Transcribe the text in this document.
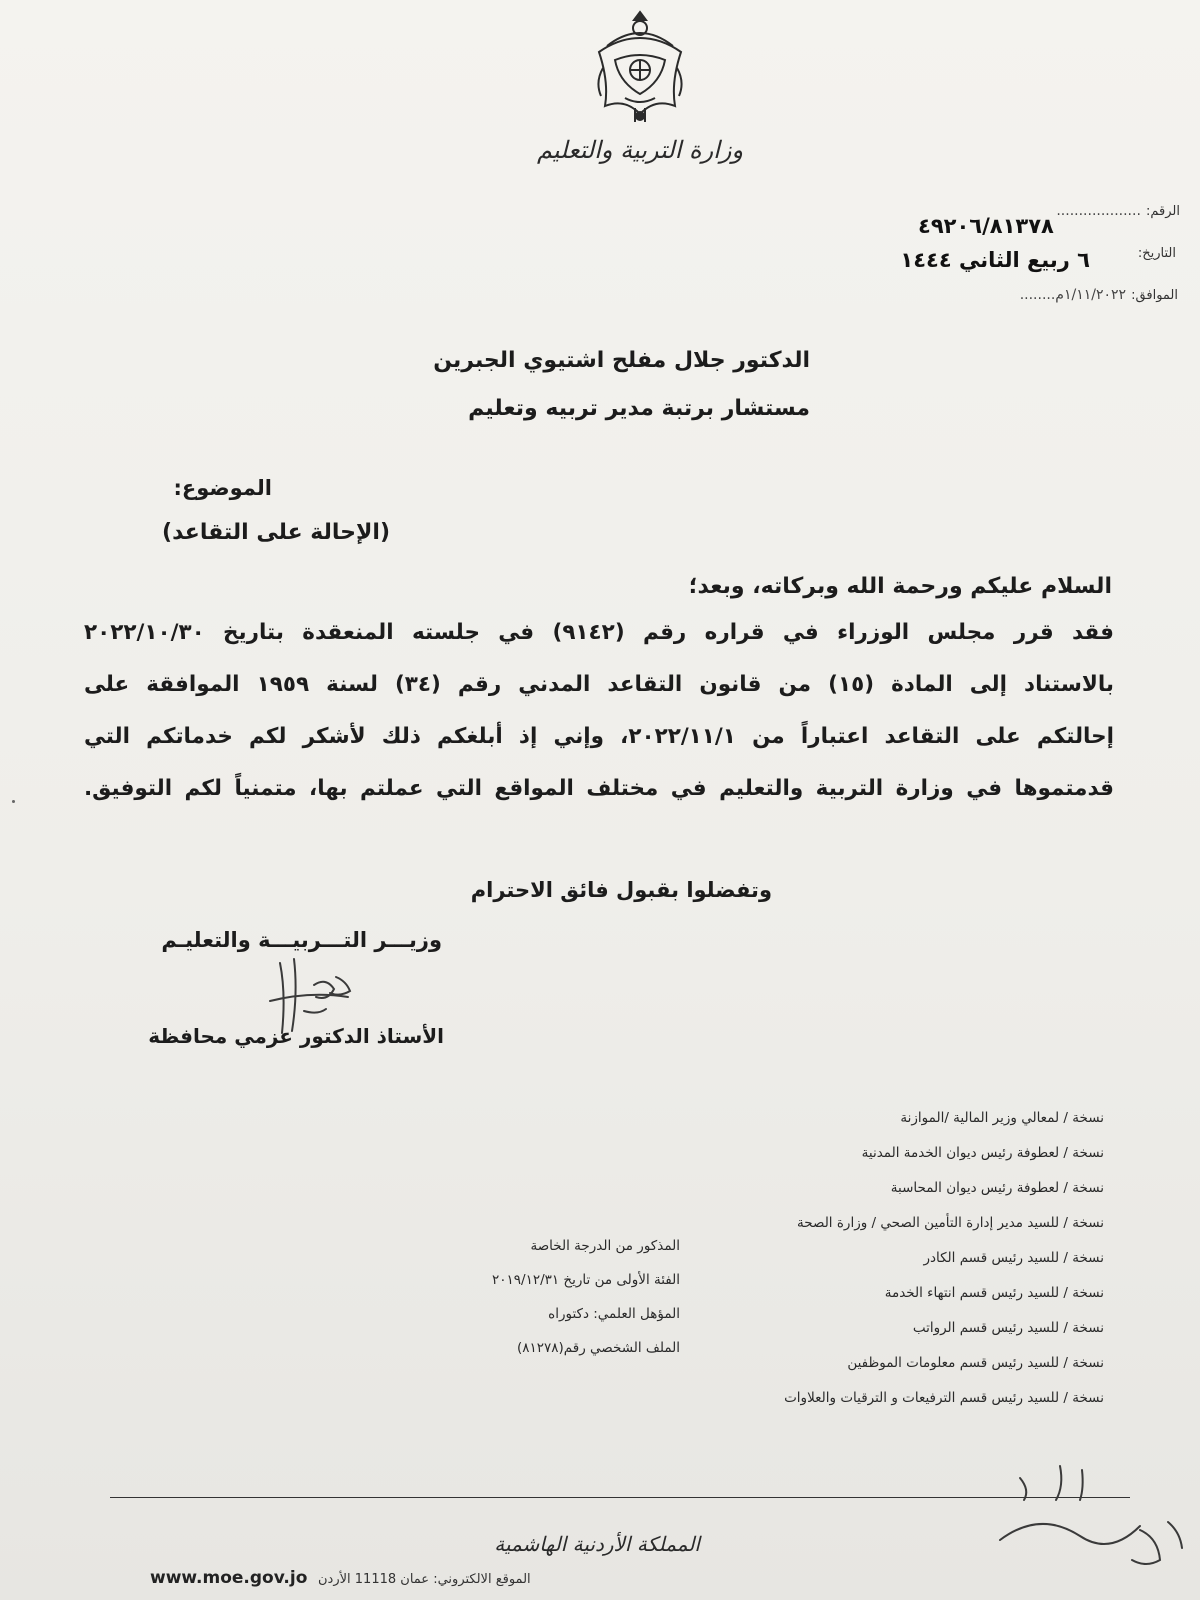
وزارة التربية والتعليم
الرقم: ...................
٤٩٢٠٦/٨١٣٧٨
التاريخ:
٦ ربيع الثاني ١٤٤٤
الموافق: ١/١١/٢٠٢٢م........
الدكتور جلال مفلح اشتيوي الجبرين
مستشار برتبة مدير تربيه وتعليم
الموضوع:
(الإحالة على التقاعد)
السلام عليكم ورحمة الله وبركاته، وبعد؛
فقد قرر مجلس الوزراء في قراره رقم (٩١٤٢) في جلسته المنعقدة بتاريخ ٢٠٢٢/١٠/٣٠
بالاستناد إلى المادة (١٥) من قانون التقاعد المدني رقم (٣٤) لسنة ١٩٥٩ الموافقة على
إحالتكم على التقاعد اعتباراً من ٢٠٢٢/١١/١، وإني إذ أبلغكم ذلك لأشكر لكم خدماتكم التي
قدمتموها في وزارة التربية والتعليم في مختلف المواقع التي عملتم بها، متمنياً لكم التوفيق.
وتفضلوا بقبول فائق الاحترام
وزيـــر التـــربيـــة والتعليـم
الأستاذ الدكتور عزمي محافظة
نسخة / لمعالي وزير المالية /الموازنة
نسخة / لعطوفة رئيس ديوان الخدمة المدنية
نسخة / لعطوفة رئيس ديوان المحاسبة
نسخة / للسيد مدير إدارة التأمين الصحي / وزارة الصحة
نسخة / للسيد رئيس قسم الكادر
نسخة / للسيد رئيس قسم انتهاء الخدمة
نسخة / للسيد رئيس قسم الرواتب
نسخة / للسيد رئيس قسم معلومات الموظفين
نسخة / للسيد رئيس قسم الترفيعات و الترقيات والعلاوات
المذكور من الدرجة الخاصة
الفئة الأولى من تاريخ ٢٠١٩/١٢/٣١
المؤهل العلمي: دكتوراه
الملف الشخصي رقم(٨١٢٧٨)
المملكة الأردنية الهاشمية
www.moe.gov.jo	الموقع الالكتروني: عمان 11118 الأردن
